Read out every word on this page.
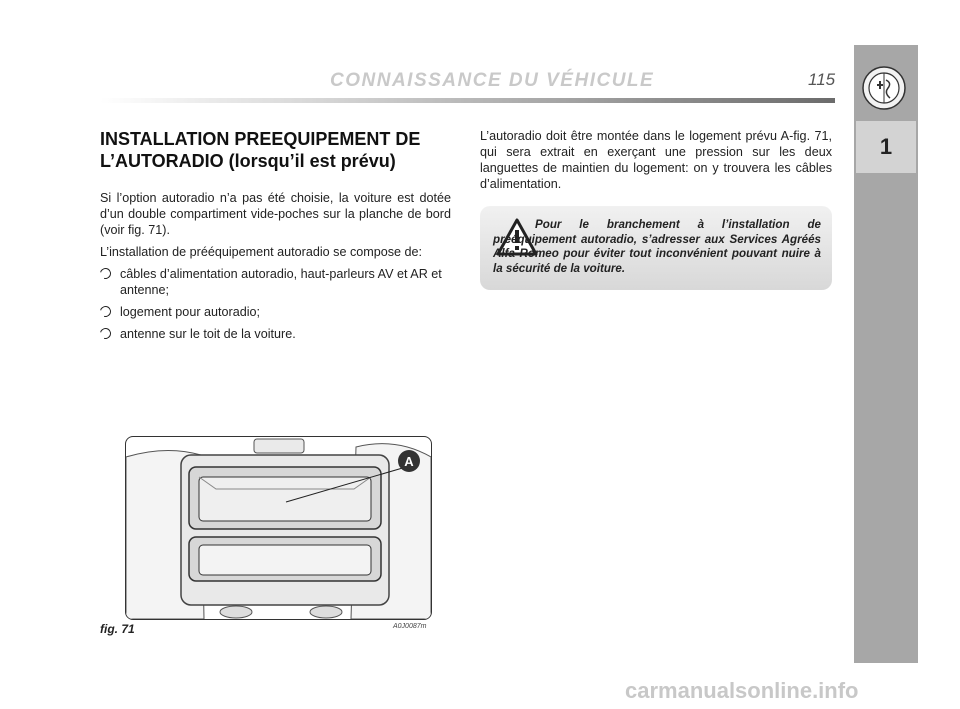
CONNAISSANCE DU VÉHICULE	115
1
INSTALLATION PREEQUIPEMENT DE
L’AUTORADIO (lorsqu’il est prévu)

Si l’option autoradio n’a pas été choisie, la voiture est dotée d’un double compartiment vide-poches sur la planche de bord (voir fig. 71).

L’installation de prééquipement autoradio se compose de:

câbles d’alimentation autoradio, haut-parleurs AV et AR et antenne;
logement pour autoradio;
antenne sur le toit de la voiture.

L’autoradio doit être montée dans le logement prévu A-fig. 71, qui sera extrait en exerçant une pression sur les deux languettes de maintien du logement: on y trouvera les câbles d’alimentation.

Pour le branchement à l’installation de prééquipement autoradio, s’adresser aux Services Agréés Alfa Romeo pour éviter tout inconvénient pouvant nuire à la sécurité de la voiture.
A
fig. 71	A0J0087m
carmanualsonline.info
